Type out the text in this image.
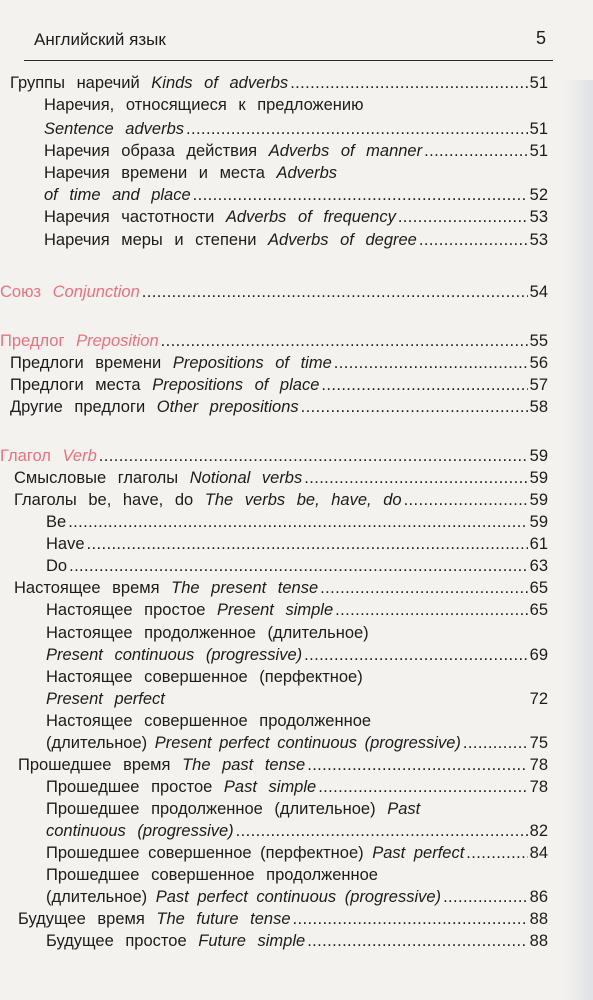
Английский язык	5
Группы наречий Kinds of adverbs .....	51
Наречия, относящиеся к предложению
Sentence adverbs .....	51
Наречия образа действия Adverbs of manner .....	51
Наречия времени и места Adverbs
of time and place .....	52
Наречия частотности Adverbs of frequency .....	53
Наречия меры и степени Adverbs of degree .....	53
Союз Conjunction .....	54
Предлог Preposition .....	55
Предлоги времени Prepositions of time .....	56
Предлоги места Prepositions of place .....	57
Другие предлоги Other prepositions .....	58
Глагол Verb .....	59
Смысловые глаголы Notional verbs .....	59
Глаголы be, have, do The verbs be, have, do .....	59
Be .....	59
Have .....	61
Do .....	63
Настоящее время The present tense .....	65
Настоящее простое Present simple .....	65
Настоящее продолженное (длительное)
Present continuous (progressive) .....	69
Настоящее совершенное (перфектное)
Present perfect	72
Настоящее совершенное продолженное
(длительное) Present perfect continuous (progressive) .....	75
Прошедшее время The past tense .....	78
Прошедшее простое Past simple .....	78
Прошедшее продолженное (длительное) Past
continuous (progressive) .....	82
Прошедшее совершенное (перфектное) Past perfect .....	84
Прошедшее совершенное продолженное
(длительное) Past perfect continuous (progressive) .....	86
Будущее время The future tense .....	88
Будущее простое Future simple .....	88
